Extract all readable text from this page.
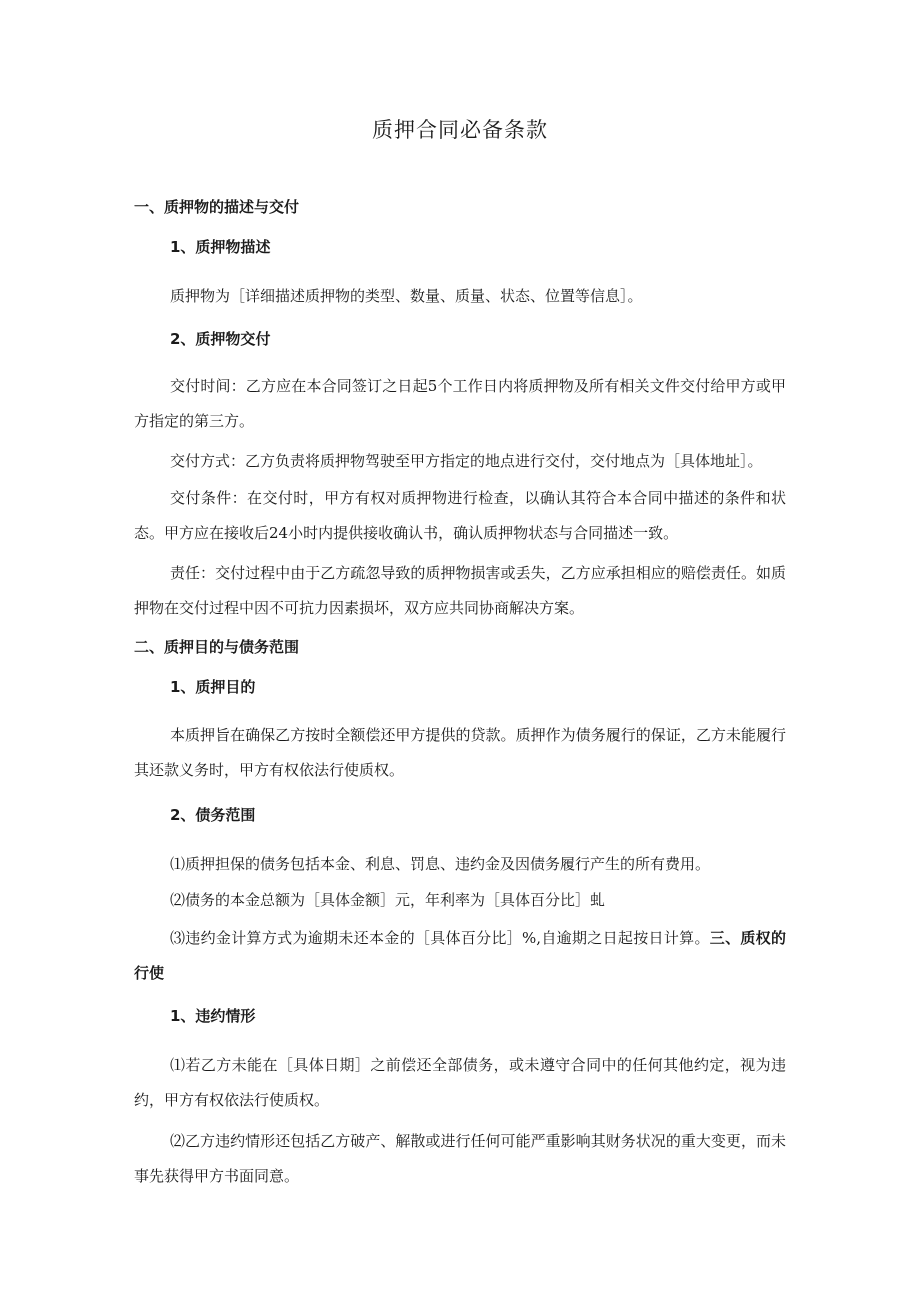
质押合同必备条款
一、质押物的描述与交付
1、质押物描述

质押物为［详细描述质押物的类型、数量、质量、状态、位置等信息］。

2、质押物交付

交付时间：乙方应在本合同签订之日起5个工作日内将质押物及所有相关文件交付给甲方或甲方指定的第三方。

交付方式：乙方负责将质押物驾驶至甲方指定的地点进行交付，交付地点为［具体地址］。

交付条件：在交付时，甲方有权对质押物进行检查，以确认其符合本合同中描述的条件和状态。甲方应在接收后24小时内提供接收确认书，确认质押物状态与合同描述一致。

责任：交付过程中由于乙方疏忽导致的质押物损害或丢失，乙方应承担相应的赔偿责任。如质押物在交付过程中因不可抗力因素损坏，双方应共同协商解决方案。

二、质押目的与债务范围
1、质押目的

本质押旨在确保乙方按时全额偿还甲方提供的贷款。质押作为债务履行的保证，乙方未能履行其还款义务时，甲方有权依法行使质权。

2、债务范围

⑴质押担保的债务包括本金、利息、罚息、违约金及因债务履行产生的所有费用。

⑵债务的本金总额为［具体金额］元，年利率为［具体百分比］虬

⑶违约金计算方式为逾期未还本金的［具体百分比］%,自逾期之日起按日计算。三、质权的行使

1、违约情形

⑴若乙方未能在［具体日期］之前偿还全部债务，或未遵守合同中的任何其他约定，视为违约，甲方有权依法行使质权。

⑵乙方违约情形还包括乙方破产、解散或进行任何可能严重影响其财务状况的重大变更，而未事先获得甲方书面同意。
